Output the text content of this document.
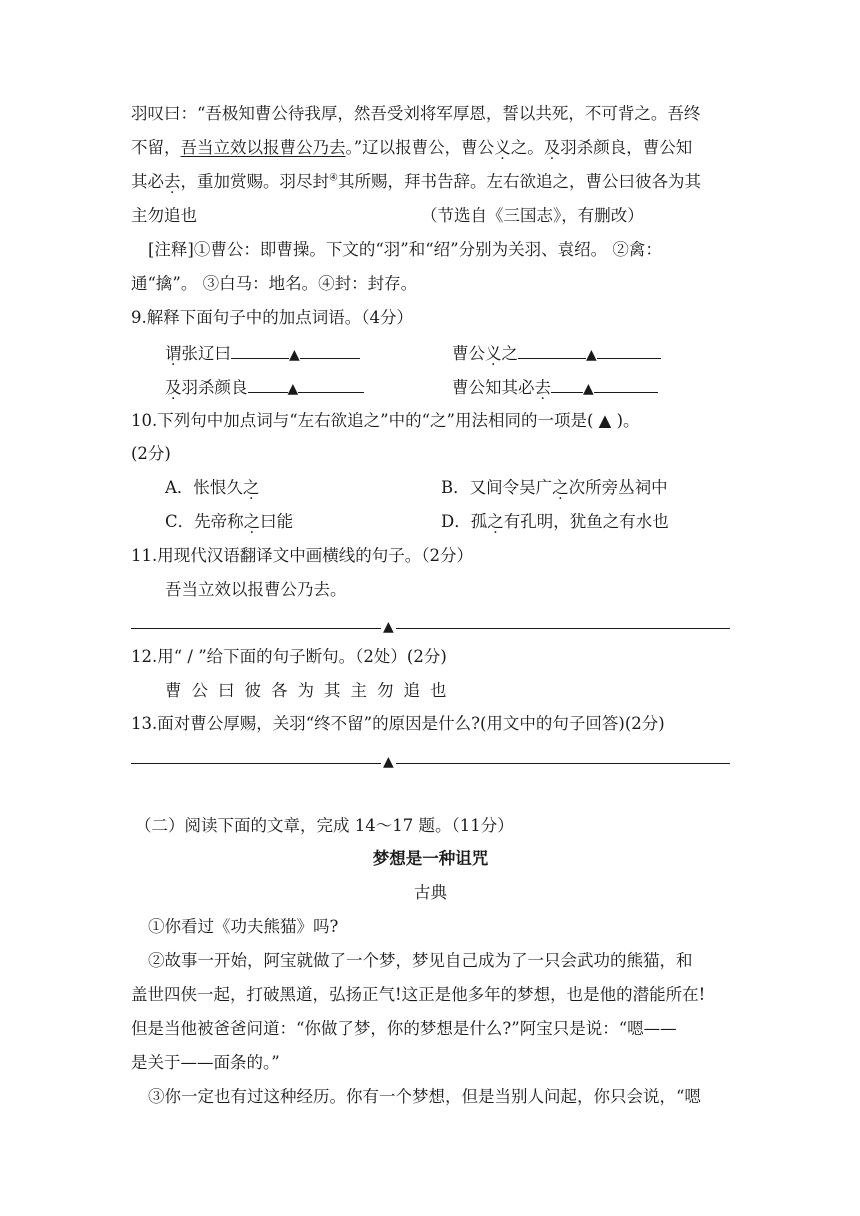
羽叹曰：“吾极知曹公待我厚，然吾受刘将军厚恩，誓以共死，不可背之。吾终
不留，吾当立效以报曹公乃去。”辽以报曹公，曹公义之。及羽杀颜良，曹公知
其必去，重加赏赐。羽尽封④其所赐，拜书告辞。左右欲追之，曹公曰彼各为其
主勿追也	（节选自《三国志》，有删改）
[注释]①曹公：即曹操。下文的“羽”和“绍”分别为关羽、袁绍。 ②禽：
通“擒”。 ③白马：地名。④封：封存。
9.解释下面句子中的加点词语。（4分）
谓张辽曰	▲	曹公义之	▲
及羽杀颜良	▲	曹公知其必去 ▲
10.下列句中加点词与“左右欲追之”中的“之”用法相同的一项是( ▲ )。
(2分)
A．怅恨久之	B．又间令吴广之次所旁丛祠中
C．先帝称之曰能	D．孤之有孔明，犹鱼之有水也
11.用现代汉语翻译文中画横线的句子。（2分）
吾当立效以报曹公乃去。
▲
12.用“ / ”给下面的句子断句。（2处）(2分)
曹公曰彼各为其主勿追也
13.面对曹公厚赐，关羽“终不留”的原因是什么?(用文中的句子回答)(2分)
▲
（二）阅读下面的文章，完成 14～17 题。（11分）
梦想是一种诅咒
古典
①你看过《功夫熊猫》吗?
②故事一开始，阿宝就做了一个梦，梦见自己成为了一只会武功的熊猫，和
盖世四侠一起，打破黑道，弘扬正气!这正是他多年的梦想，也是他的潜能所在!
但是当他被爸爸问道：“你做了梦，你的梦想是什么?”阿宝只是说：“嗯——
是关于——面条的。”
③你一定也有过这种经历。你有一个梦想，但是当别人问起，你只会说，“嗯
